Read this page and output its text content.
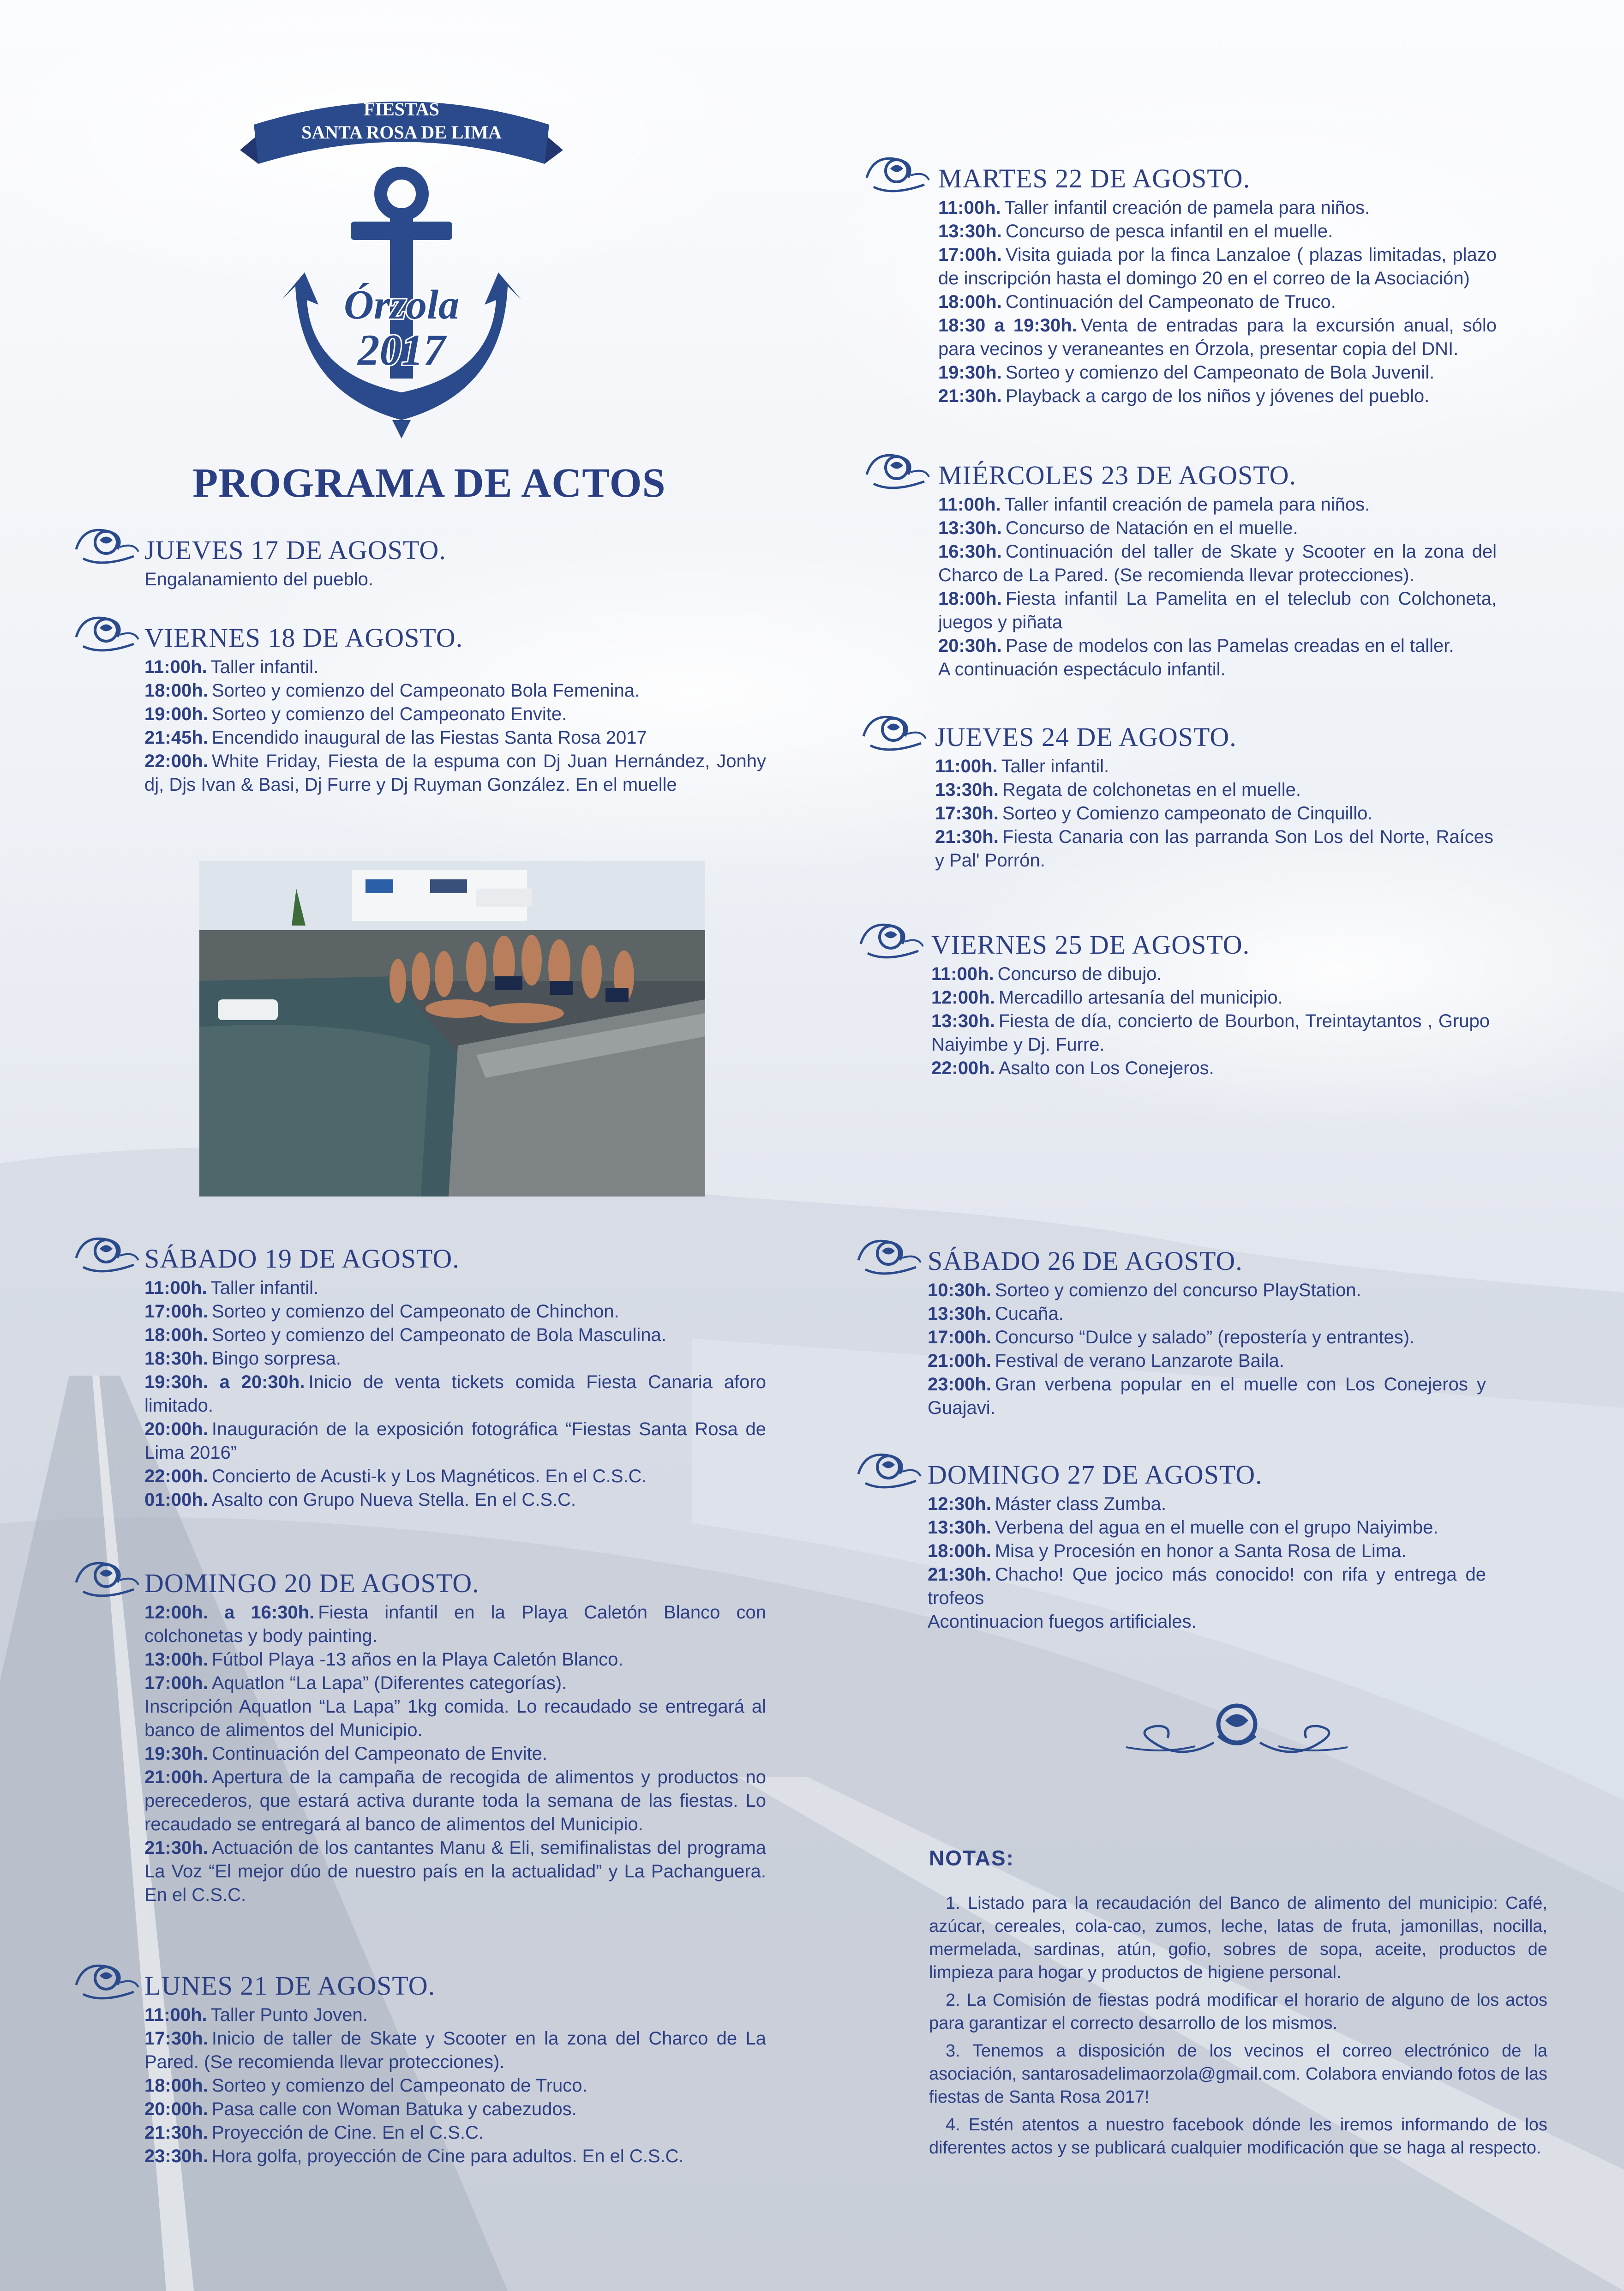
FIESTAS
SANTA ROSA DE LIMA
Órzola
2017
PROGRAMA DE ACTOS
JUEVES 17 DE AGOSTO.
Engalanamiento del pueblo.
VIERNES 18 DE AGOSTO.
11:00h. Taller infantil.
18:00h. Sorteo y comienzo del Campeonato Bola Femenina.
19:00h. Sorteo y comienzo del Campeonato Envite.
21:45h. Encendido inaugural de las Fiestas Santa Rosa 2017
22:00h. White Friday, Fiesta de la espuma con Dj Juan Hernández, Jonhy dj, Djs Ivan & Basi, Dj Furre y Dj Ruyman González. En el muelle
SÁBADO 19 DE AGOSTO.
11:00h. Taller infantil.
17:00h. Sorteo y comienzo del Campeonato de Chinchon.
18:00h. Sorteo y comienzo del Campeonato de Bola Masculina.
18:30h. Bingo sorpresa.
19:30h. a 20:30h. Inicio de venta tickets comida Fiesta Canaria aforo limitado.
20:00h. Inauguración de la exposición fotográfica “Fiestas Santa Rosa de Lima 2016”
22:00h. Concierto de Acusti-k y Los Magnéticos. En el C.S.C.
01:00h. Asalto con Grupo Nueva Stella. En el C.S.C.
DOMINGO 20 DE AGOSTO.
12:00h. a 16:30h. Fiesta infantil en la Playa Caletón Blanco con colchonetas y body painting.
13:00h. Fútbol Playa -13 años en la Playa Caletón Blanco.
17:00h. Aquatlon “La Lapa” (Diferentes categorías).
Inscripción Aquatlon “La Lapa” 1kg comida. Lo recaudado se entregará al banco de alimentos del Municipio.
19:30h. Continuación del Campeonato de Envite.
21:00h. Apertura de la campaña de recogida de alimentos y productos no perecederos, que estará activa durante toda la semana de las fiestas. Lo recaudado se entregará al banco de alimentos del Municipio.
21:30h. Actuación de los cantantes Manu & Eli, semifinalistas del programa La Voz “El mejor dúo de nuestro país en la actualidad” y La Pachanguera. En el C.S.C.
LUNES 21 DE AGOSTO.
11:00h. Taller Punto Joven.
17:30h. Inicio de taller de Skate y Scooter en la zona del Charco de La Pared. (Se recomienda llevar protecciones).
18:00h. Sorteo y comienzo del Campeonato de Truco.
20:00h. Pasa calle con Woman Batuka y cabezudos.
21:30h. Proyección de Cine. En el C.S.C.
23:30h. Hora golfa, proyección de Cine para adultos. En el C.S.C.
MARTES 22 DE AGOSTO.
11:00h. Taller infantil creación de pamela para niños.
13:30h. Concurso de pesca infantil en el muelle.
17:00h. Visita guiada por la finca Lanzaloe ( plazas limitadas, plazo de inscripción hasta el domingo 20 en el correo de la Asociación)
18:00h. Continuación del Campeonato de Truco.
18:30 a 19:30h. Venta de entradas para la excursión anual, sólo para vecinos y veraneantes en Órzola, presentar copia del DNI.
19:30h. Sorteo y comienzo del Campeonato de Bola Juvenil.
21:30h. Playback a cargo de los niños y jóvenes del pueblo.
MIÉRCOLES 23 DE AGOSTO.
11:00h. Taller infantil creación de pamela para niños.
13:30h. Concurso de Natación en el muelle.
16:30h. Continuación del taller de Skate y Scooter en la zona del Charco de La Pared. (Se recomienda llevar protecciones).
18:00h. Fiesta infantil La Pamelita en el teleclub con Colchoneta, juegos y piñata
20:30h. Pase de modelos con las Pamelas creadas en el taller.
A continuación espectáculo infantil.
JUEVES 24 DE AGOSTO.
11:00h. Taller infantil.
13:30h. Regata de colchonetas en el muelle.
17:30h. Sorteo y Comienzo campeonato de Cinquillo.
21:30h. Fiesta Canaria con las parranda Son Los del Norte, Raíces y Pal' Porrón.
VIERNES 25 DE AGOSTO.
11:00h. Concurso de dibujo.
12:00h. Mercadillo artesanía del municipio.
13:30h. Fiesta de día, concierto de Bourbon, Treintaytantos , Grupo Naiyimbe y Dj. Furre.
22:00h. Asalto con Los Conejeros.
SÁBADO 26 DE AGOSTO.
10:30h. Sorteo y comienzo del concurso PlayStation.
13:30h. Cucaña.
17:00h. Concurso “Dulce y salado” (repostería y entrantes).
21:00h. Festival de verano Lanzarote Baila.
23:00h. Gran verbena popular en el muelle con Los Conejeros y Guajavi.
DOMINGO 27 DE AGOSTO.
12:30h. Máster class Zumba.
13:30h. Verbena del agua en el muelle con el grupo Naiyimbe.
18:00h. Misa y Procesión en honor a Santa Rosa de Lima.
21:30h. Chacho! Que jocico más conocido! con rifa y entrega de trofeos
Acontinuacion fuegos artificiales.
NOTAS:
1. Listado para la recaudación del Banco de alimento del municipio: Café, azúcar, cereales, cola-cao, zumos, leche, latas de fruta, jamonillas, nocilla, mermelada, sardinas, atún, gofio, sobres de sopa, aceite, productos de limpieza para hogar y productos de higiene personal.
2. La Comisión de fiestas podrá modificar el horario de alguno de los actos para garantizar el correcto desarrollo de los mismos.
3. Tenemos a disposición de los vecinos el correo electrónico de la asociación, santarosadelimaorzola@gmail.com. Colabora enviando fotos de las fiestas de Santa Rosa 2017!
4. Estén atentos a nuestro facebook dónde les iremos informando de los diferentes actos y se publicará cualquier modificación que se haga al respecto.
